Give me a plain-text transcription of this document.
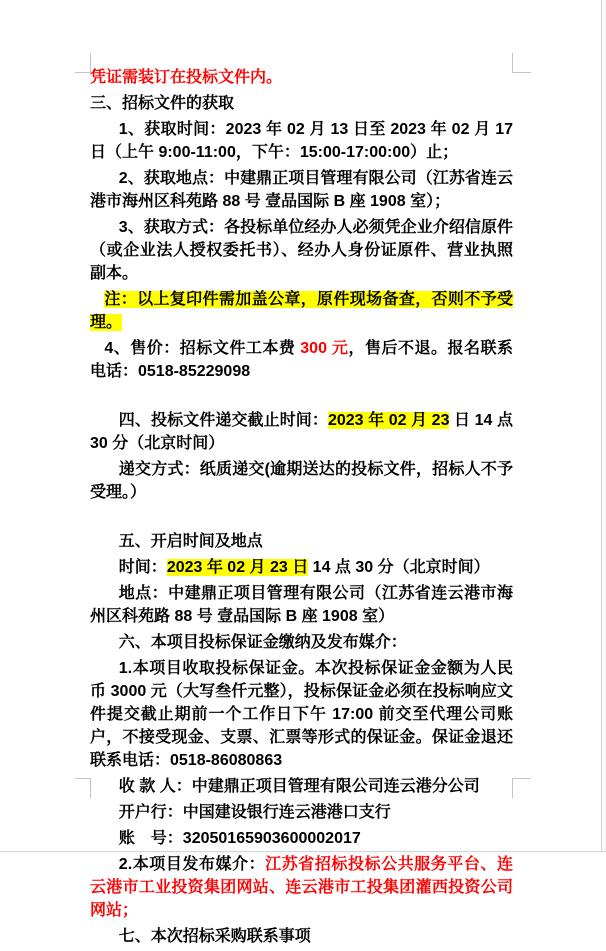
凭证需装订在投标文件内。

三、招标文件的获取

1、获取时间：2023 年 02 月 13 日至 2023 年 02 月 17 日（上午 9:00-11:00，下午：15:00-17:00:00）止；

2、获取地点：中建鼎正项目管理有限公司（江苏省连云港市海州区科苑路 88 号 壹品国际 B 座 1908 室）；

3、获取方式：各投标单位经办人必须凭企业介绍信原件（或企业法人授权委托书）、经办人身份证原件、营业执照副本。

注：以上复印件需加盖公章，原件现场备查，否则不予受理。

4、售价：招标文件工本费 300 元，售后不退。报名联系电话：0518-85229098

四、投标文件递交截止时间：2023 年 02 月 23 日 14 点 30 分（北京时间）

递交方式：纸质递交(逾期送达的投标文件，招标人不予受理。）

五、开启时间及地点

时间：2023 年 02 月 23 日 14 点 30 分（北京时间）

地点：中建鼎正项目管理有限公司（江苏省连云港市海州区科苑路 88 号 壹品国际 B 座 1908 室）

六、本项目投标保证金缴纳及发布媒介：

1.本项目收取投标保证金。本次投标保证金金额为人民币 3000 元（大写叁仟元整），投标保证金必须在投标响应文件提交截止期前一个工作日下午 17:00 前交至代理公司账户，不接受现金、支票、汇票等形式的保证金。保证金退还联系电话：0518-86080863

收 款 人：中建鼎正项目管理有限公司连云港分公司

开户行：中国建设银行连云港港口支行

账　号：32050165903600002017

2.本项目发布媒介：江苏省招标投标公共服务平台、连云港市工业投资集团网站、连云港市工投集团灌西投资公司网站；

七、本次招标采购联系事项
